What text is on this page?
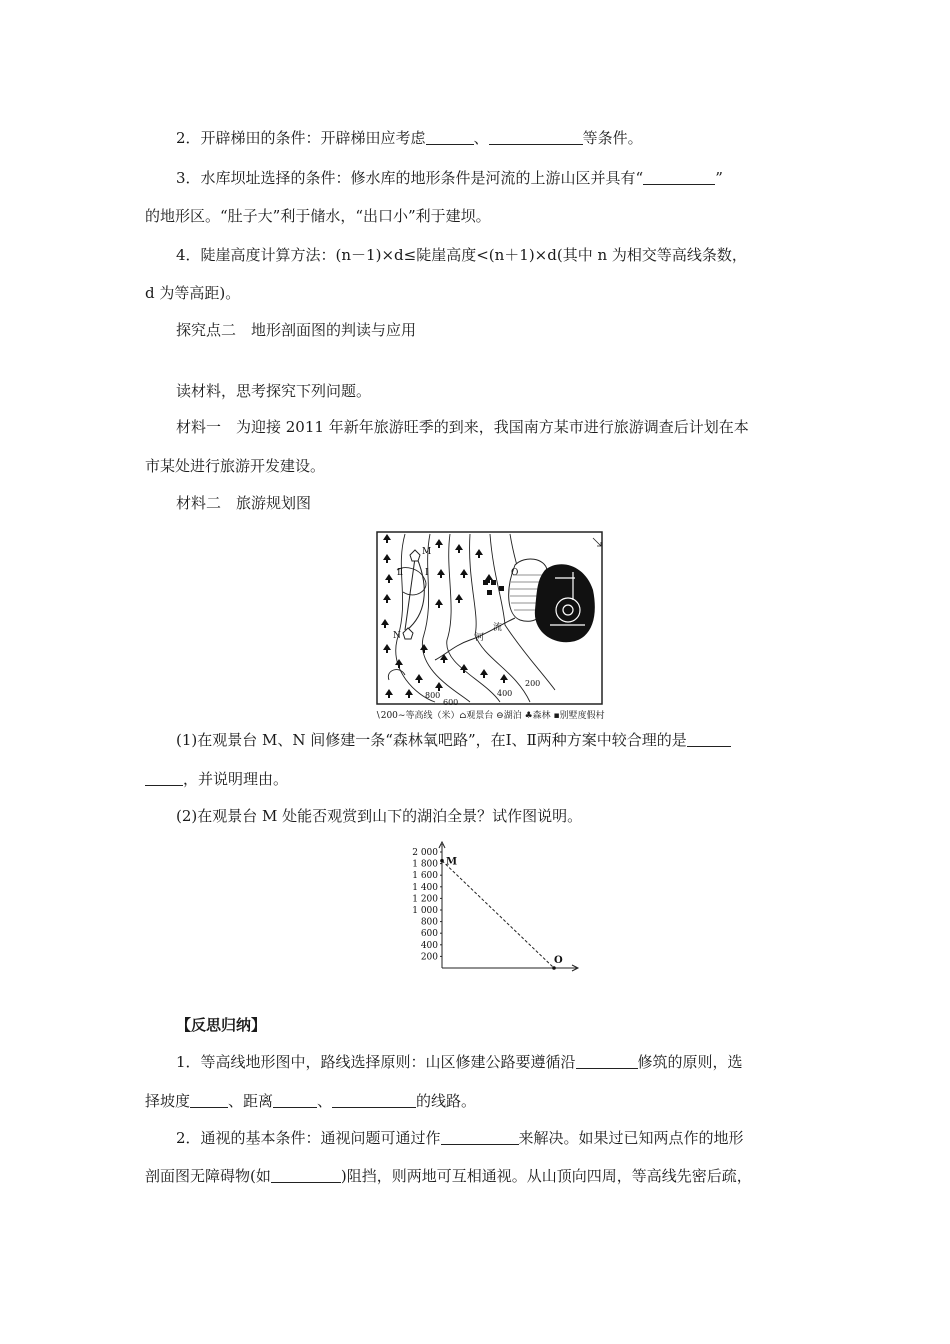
2．开辟梯田的条件：开辟梯田应考虑	、	等条件。
3．水库坝址选择的条件：修水库的地形条件是河流的上游山区并具有“	”
的地形区。“肚子大”利于储水，“出口小”利于建坝。
4．陡崖高度计算方法：(n－1)×d≤陡崖高度<(n＋1)×d(其中 n 为相交等高线条数，
d 为等高距)。
探究点二　地形剖面图的判读与应用
读材料，思考探究下列问题。
材料一　为迎接 2011 年新年旅游旺季的到来，我国南方某市进行旅游调查后计划在本
市某处进行旅游开发建设。
材料二　旅游规划图
M
N
O
Ⅰ
Ⅱ
流
河
800
600
400
200
∖200∼等高线（米）⌂观景台 ⊖湖泊 ♣森林 ▪别墅度假村
(1)在观景台 M、N 间修建一条“森林氧吧路”，在Ⅰ、Ⅱ两种方案中较合理的是
，并说明理由。
(2)在观景台 M 处能否观赏到山下的湖泊全景？试作图说明。
2 000
1 800
1 600
1 400
1 200
1 000
800
600
400
200
M
O
【反思归纳】
1．等高线地形图中，路线选择原则：山区修建公路要遵循沿	修筑的原则，选
择坡度	、距离	、	的线路。
2．通视的基本条件：通视问题可通过作	来解决。如果过已知两点作的地形
剖面图无障碍物(如	)阻挡，则两地可互相通视。从山顶向四周，等高线先密后疏，
